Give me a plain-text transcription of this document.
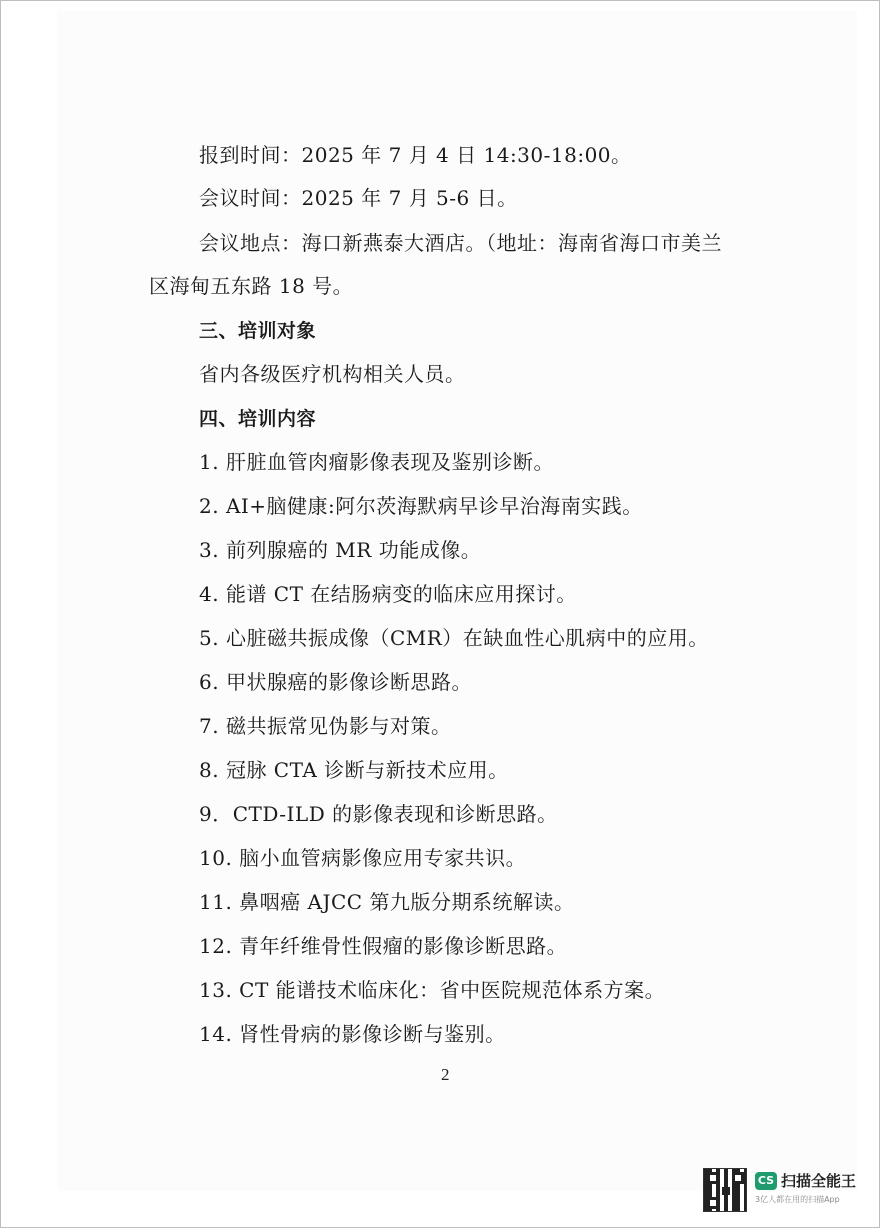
报到时间：2025 年 7 月 4 日 14:30-18:00。
会议时间：2025 年 7 月 5-6 日。
会议地点：海口新燕泰大酒店。（地址：海南省海口市美兰
区海甸五东路 18 号。
三、培训对象
省内各级医疗机构相关人员。
四、培训内容
1. 肝脏血管肉瘤影像表现及鉴别诊断。
2. AI+脑健康:阿尔茨海默病早诊早治海南实践。
3. 前列腺癌的 MR 功能成像。
4. 能谱 CT 在结肠病变的临床应用探讨。
5. 心脏磁共振成像（CMR）在缺血性心肌病中的应用。
6. 甲状腺癌的影像诊断思路。
7. 磁共振常见伪影与对策。
8. 冠脉 CTA 诊断与新技术应用。
9．CTD-ILD 的影像表现和诊断思路。
10. 脑小血管病影像应用专家共识。
11. 鼻咽癌 AJCC 第九版分期系统解读。
12. 青年纤维骨性假瘤的影像诊断思路。
13. CT 能谱技术临床化：省中医院规范体系方案。
14. 肾性骨病的影像诊断与鉴别。
2
CS 扫描全能王
3亿人都在用的扫描App
